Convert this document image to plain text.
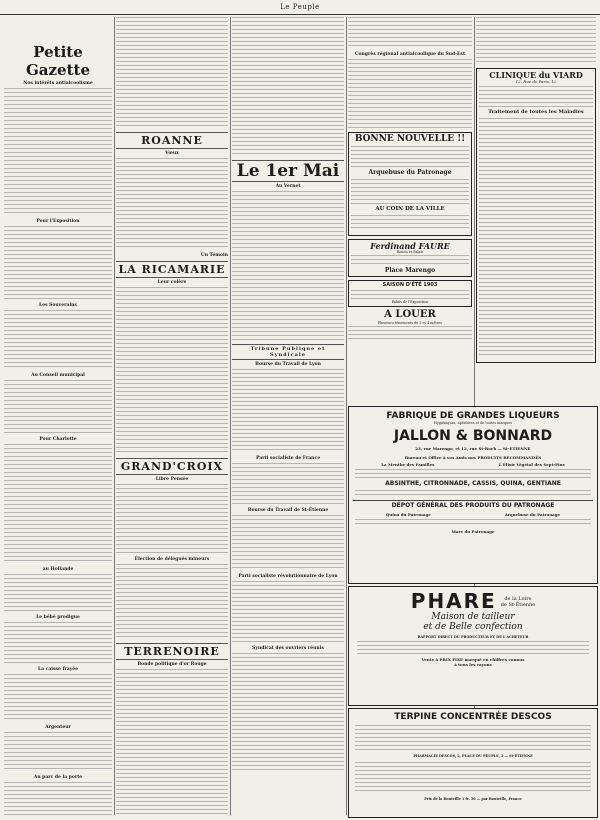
Le Peuple
Petite Gazette
Nos intérêts antialcoolisme
Pour l'Exposition
Les Souverains
Au Conseil municipal
Pour Charlotte
au Hollande
Le bébé prodigue
La caisse frayée
Argenteur
Au parc de la porte
ROANNE
Vœux
Un Témoin
LA RICAMARIE
Leur colère
GRAND'CROIX
Libre Pensée
Élection de délégués mineurs
TERRENOIRE
Bonde politique d'or Rouge
Le 1er Mai
Au Vernet
Tribune Publique et Syndicale
Bourse du Travail de Lyon
Parti socialiste de France
Bourse du Travail de St-Étienne
Parti socialiste révolutionnaire de Lyon
Syndicat des ouvriers réunis
Congrès régional antialcoolique du Sud-Est
BONNE NOUVELLE !!
Arquebuse du Patronage
AU COIN DE LA VILLE
Ferdinand FAURE
Rouen et Palais
Place Marengo
SAISON D'ÉTÉ 1903
Palais de l'Exposition
A LOUER
Plusieurs ténements de 3 et 4 mètres
CLINIQUE du VIARD
12, Rue de Paris, 12
Traitement de toutes les Maladies
FABRIQUE DE GRANDES LIQUEURS
Hygiéniques, apéritives et de toutes marques
JALLON & BONNARD
23, rue Marengo, et 12, rue St-Roch — St-ETIENNE
Bureau et Office à vos Amis nos PRODUITS RECOMMANDÉS
La Menthe des Familles	L'Élixir Végétal des Sept-Pins
ABSINTHE, CITRONNADE, CASSIS, QUINA, GENTIANE
DÉPOT GÉNÉRAL DES PRODUITS DU PATRONAGE
Quina du Patronage	Arquebuse du Patronage
Marc du Patronage
PHARE	de la Loire
de St-Étienne
Maison de tailleur
et de Belle confection
RAPPORT DIRECT DU PRODUCTEUR ET DE L'ACHETEUR
Vente à PRIX FIXE marqué en chiffres connus
à tous les rayons
TERPINE CONCENTRÉE DESCOS
PHARMACIE DESCOS, 2, PLACE DU PEUPLE, 2 — St-ÉTIENNE
Prix de la Bouteille 1 fr. 50 — par Bouteille, Franco
